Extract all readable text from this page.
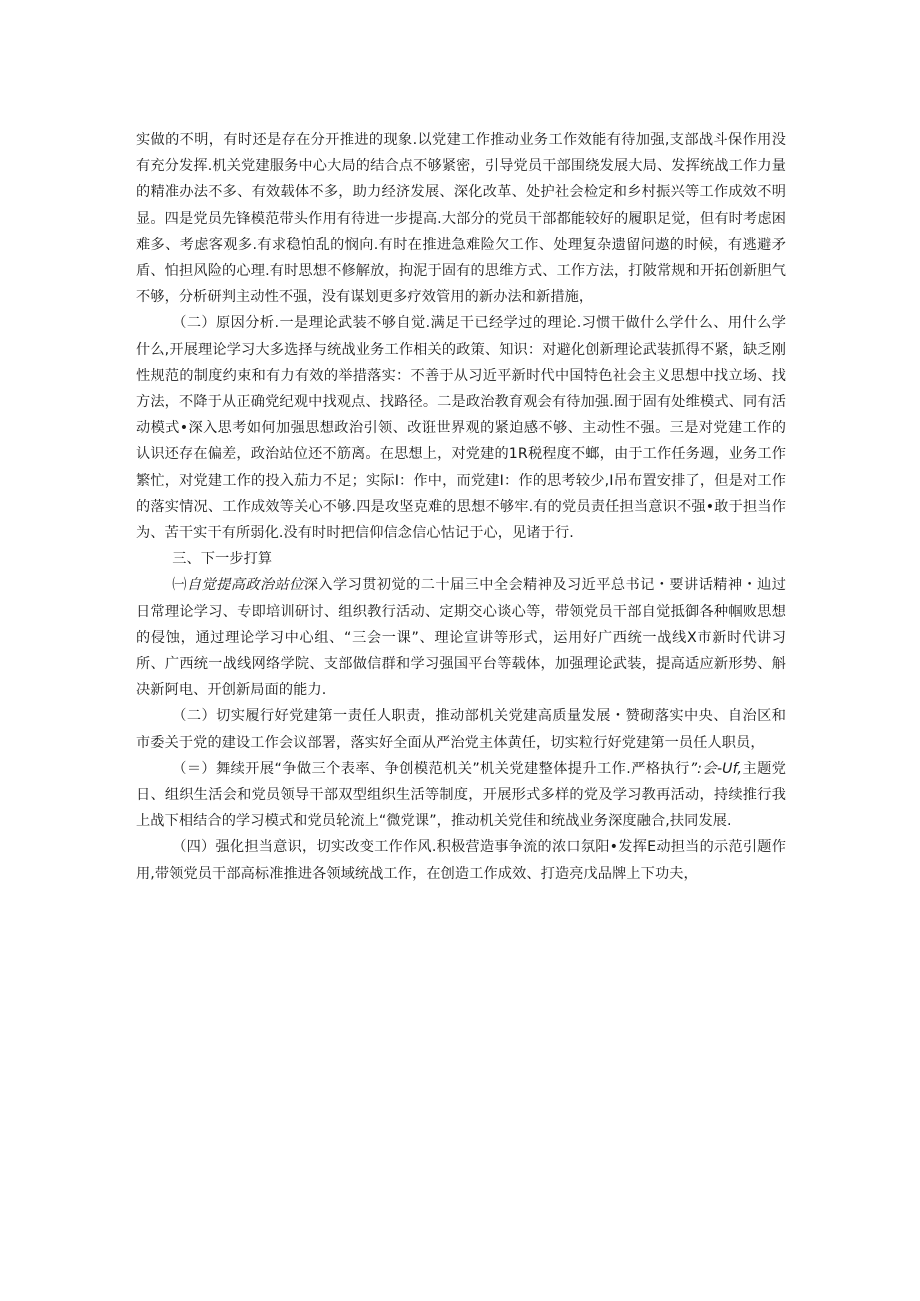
实做的不明，有时还是存在分开推进的现象.以党建工作推动业务工作效能有待加强,支部战斗保作用没有充分发挥.机关党建服务中心大局的结合点不够紧密，引导党员干部围绕发展大局、发挥统战工作力量的精准办法不多、有效载体不多，助力经济发展、深化改革、处护社会检定和乡村振兴等工作成效不明显。四是党员先锋模范带头作用有待进一步提高.大部分的党员干部都能较好的履职足觉，但有时考虑困难多、考虑客观多.有求稳怕乱的悯向.有时在推进急难险欠工作、处理复杂遗留问遨的时候，有逃避矛盾、怕担风险的心理.有时思想不修解放，拘泥于固有的思维方式、工作方法，打陂常规和开拓创新胆气不够，分析研判主动性不强，没有谋划更多疗效管用的新办法和新措施，

（二）原因分析.一是理论武装不够自觉.满足干已经学过的理论.习惯干做什么学什么、用什么学什么,开展理论学习大多选择与统战业务工作相关的政策、知识：对避化创新理论武装抓得不紧，缺乏刚性规范的制度约束和有力有效的举措落实：不善于从习近平新时代中国特色社会主义思想中找立场、找方法，不降于从正确党纪观中找观点、找路径。二是政治教育观会有待加强.囿于固有处维模式、同有活动模式•深入思考如何加强思想政治引领、改诳世界观的紧迫感不够、主动性不强。三是对党建工作的认识还存在偏差，政治站位还不筋离。在思想上，对党建的1R税程度不螂，由于工作任务週，业务工作繁忙，对党建工作的投入茄力不足；实际I：作中，而党建I：作的思考较少,I吊布置安排了，但是对工作的落实情况、工作成效等关心不够.四是攻坚克难的思想不够牢.有的党员责任担当意识不强•敢于担当作为、苦干实干有所弱化.没有时时把信仰信念信心怙记于心，见诸于行.

三、下一步打算

㈠自觉提高政治站位深入学习贯初觉的二十届三中全会精神及习近平总书记・要讲话精神・辿过日常理论学习、专即培训研讨、组织教行活动、定期交心谈心等，带领党员干部自觉抵御各种帼败思想的侵蚀，通过理论学习中心组、“三会一课”、理论宣讲等形式，运用好广西统一战线X市新时代讲习所、广西统一战线网络学院、支部做信群和学习强国平台等载体，加强理论武装，提高适应新形势、斛决新阿电、开创新局面的能力.

（二）切实履行好党建第一责任人职责，推动部机关党建高质量发展・赞砌落实中央、自治区和市委关于党的建设工作会议部署，落实好全面从严治党主体黄任，切实粒行好党建第一员任人职员，

（＝）舞续开展“争做三个表率、争创模范机关”机关党建整体提升工作.严格执行”:会-Uf,主题党日、组织生活会和党员领导干部双型组织生活等制度，开展形式多样的党及学习教再活动，持续推行我上战下相结合的学习模式和党员轮流上“微党课”，推动机关党佳和统战业务深度融合,扶同发展.

（四）强化担当意识，切实改变工作作风.积极营造事争流的浓口氛阳•发挥E动担当的示范引题作用,带领党员干部高标准推进各领域统战工作，在创造工作成效、打造亮戊品牌上下功夫，
